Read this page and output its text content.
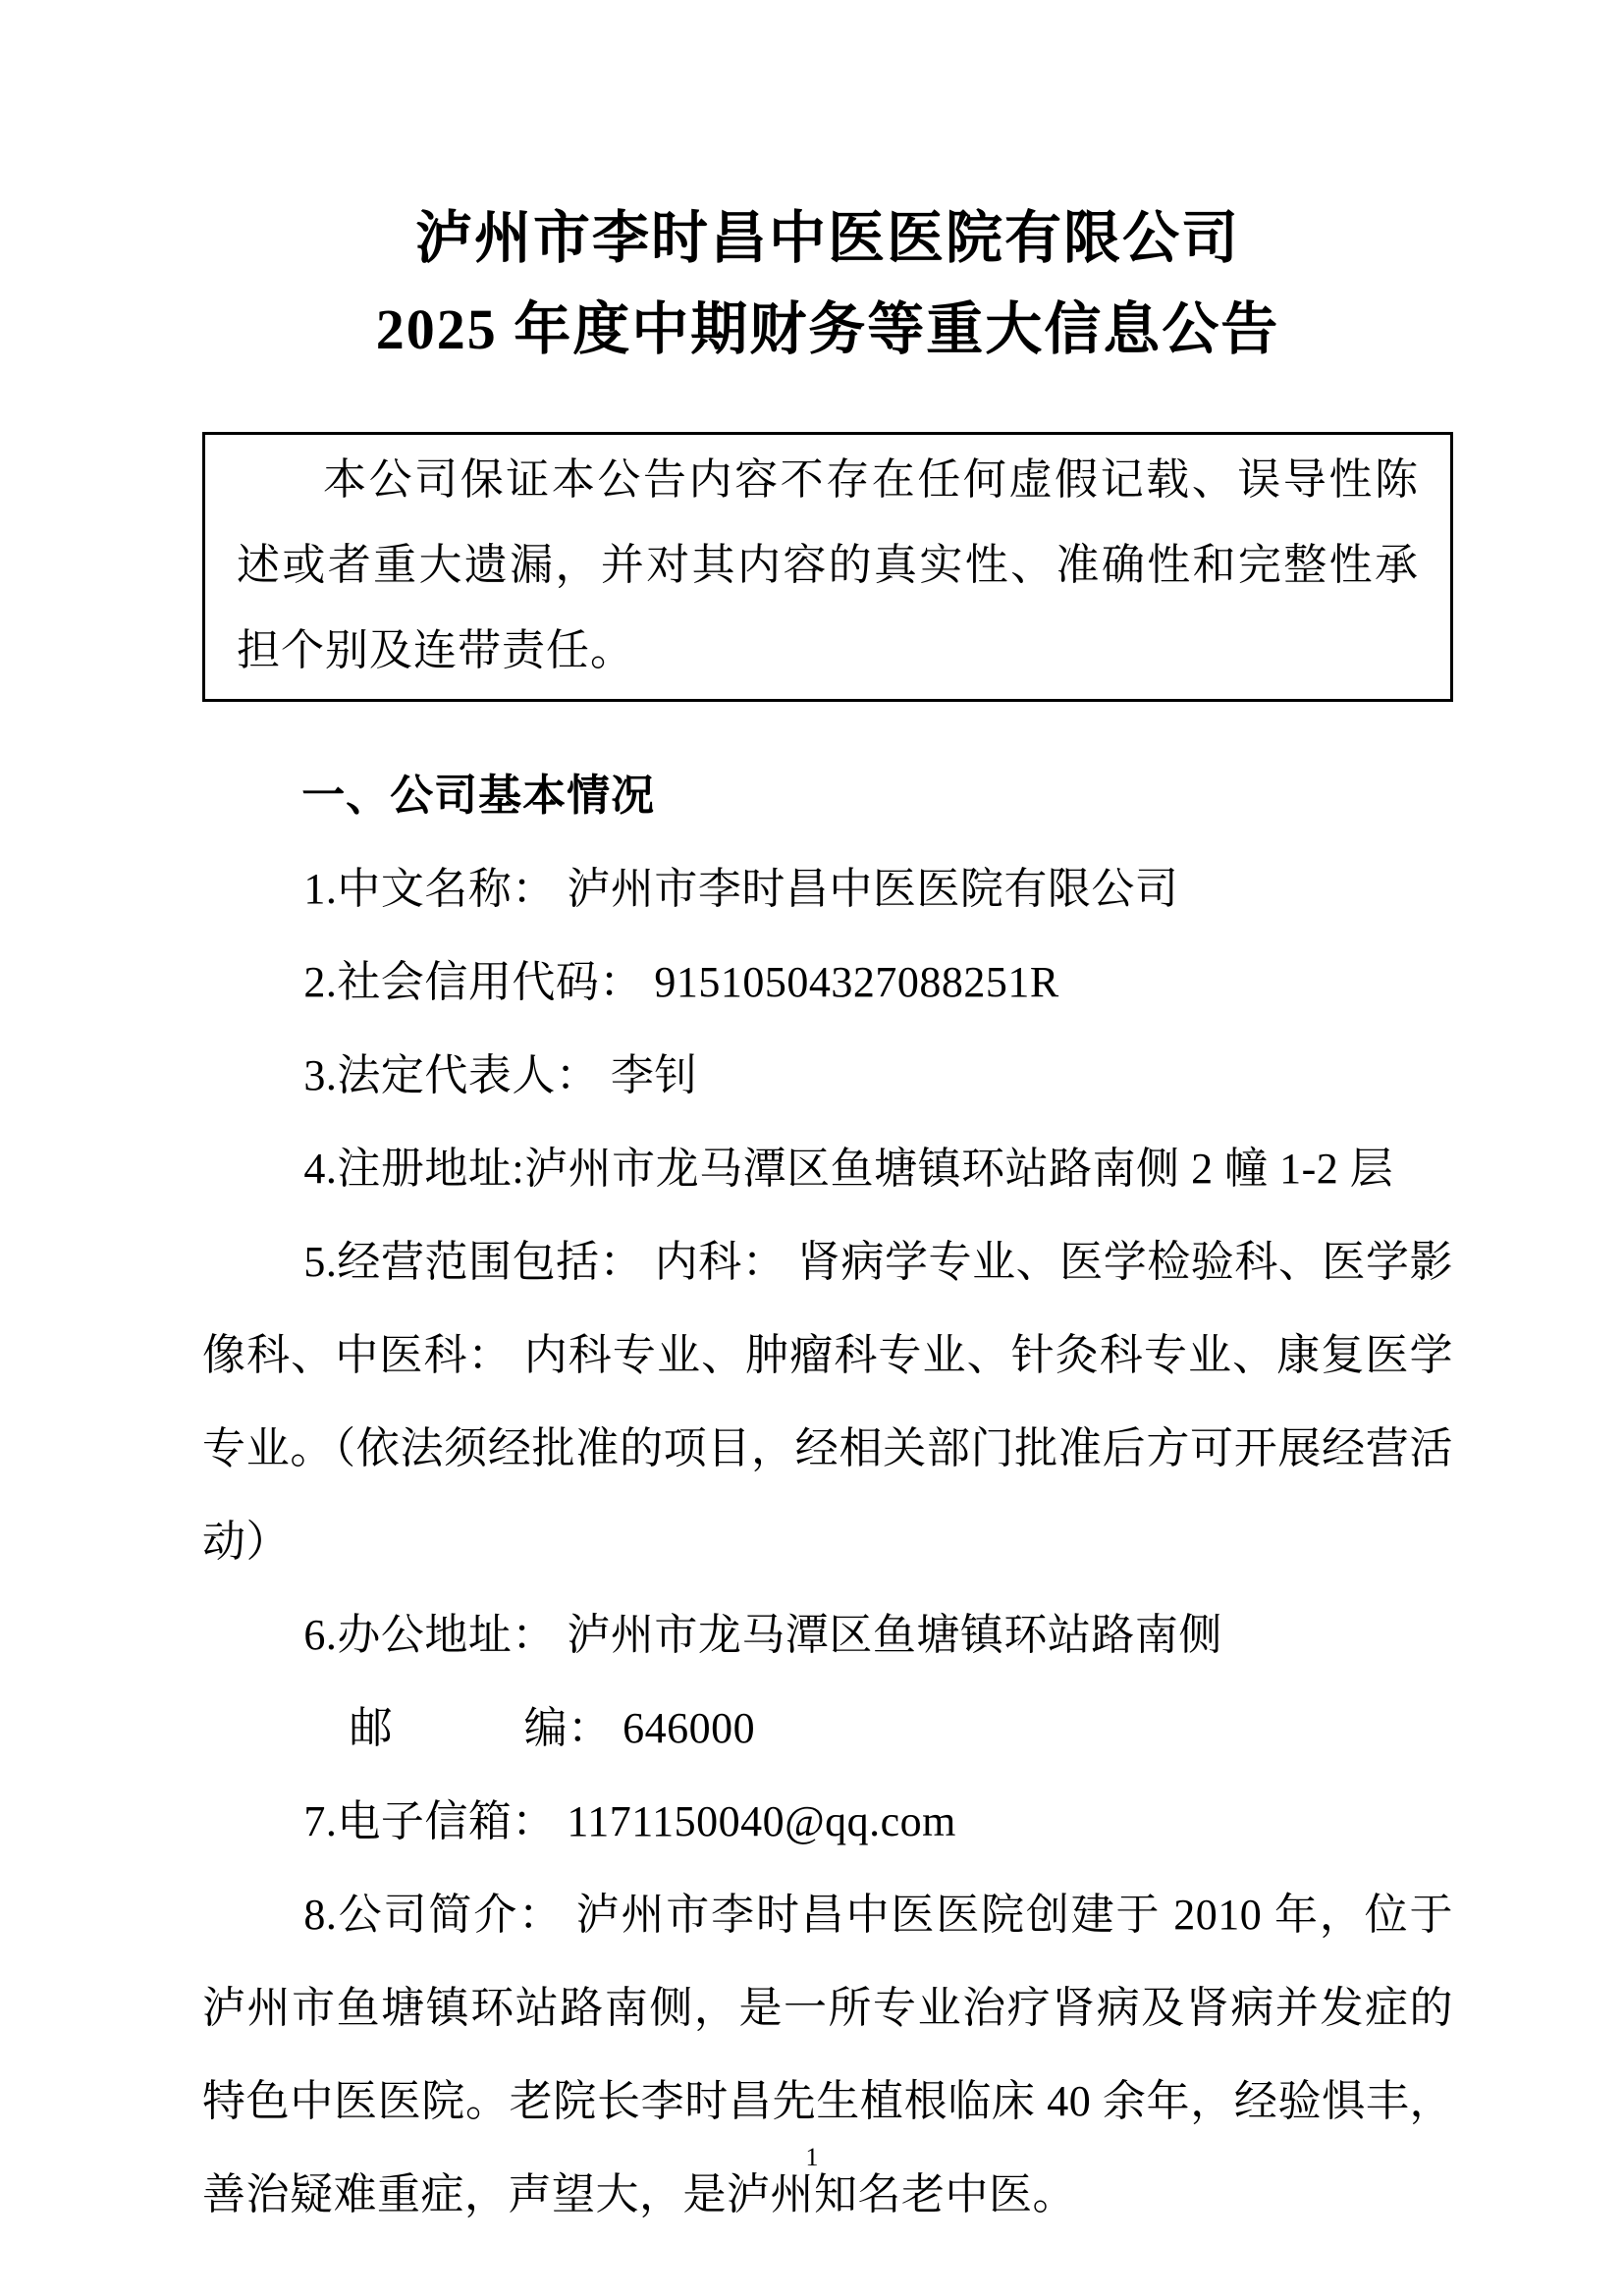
泸州市李时昌中医医院有限公司
2025 年度中期财务等重大信息公告

本公司保证本公告内容不存在任何虚假记载、误导性陈述或者重大遗漏，并对其内容的真实性、准确性和完整性承担个别及连带责任。

一、公司基本情况

1.中文名称： 泸州市李时昌中医医院有限公司

2.社会信用代码： 91510504327088251R

3.法定代表人： 李钊

4.注册地址:泸州市龙马潭区鱼塘镇环站路南侧 2 幢 1-2 层

5.经营范围包括： 内科： 肾病学专业、医学检验科、医学影像科、中医科： 内科专业、肿瘤科专业、针灸科专业、康复医学专业。（依法须经批准的项目，经相关部门批准后方可开展经营活动）

6.办公地址： 泸州市龙马潭区鱼塘镇环站路南侧

邮　　　编： 646000

7.电子信箱： 1171150040@qq.com

8.公司简介： 泸州市李时昌中医医院创建于 2010 年，位于泸州市鱼塘镇环站路南侧，是一所专业治疗肾病及肾病并发症的特色中医医院。老院长李时昌先生植根临床 40 余年，经验惧丰，善治疑难重症，声望大，是泸州知名老中医。

1
